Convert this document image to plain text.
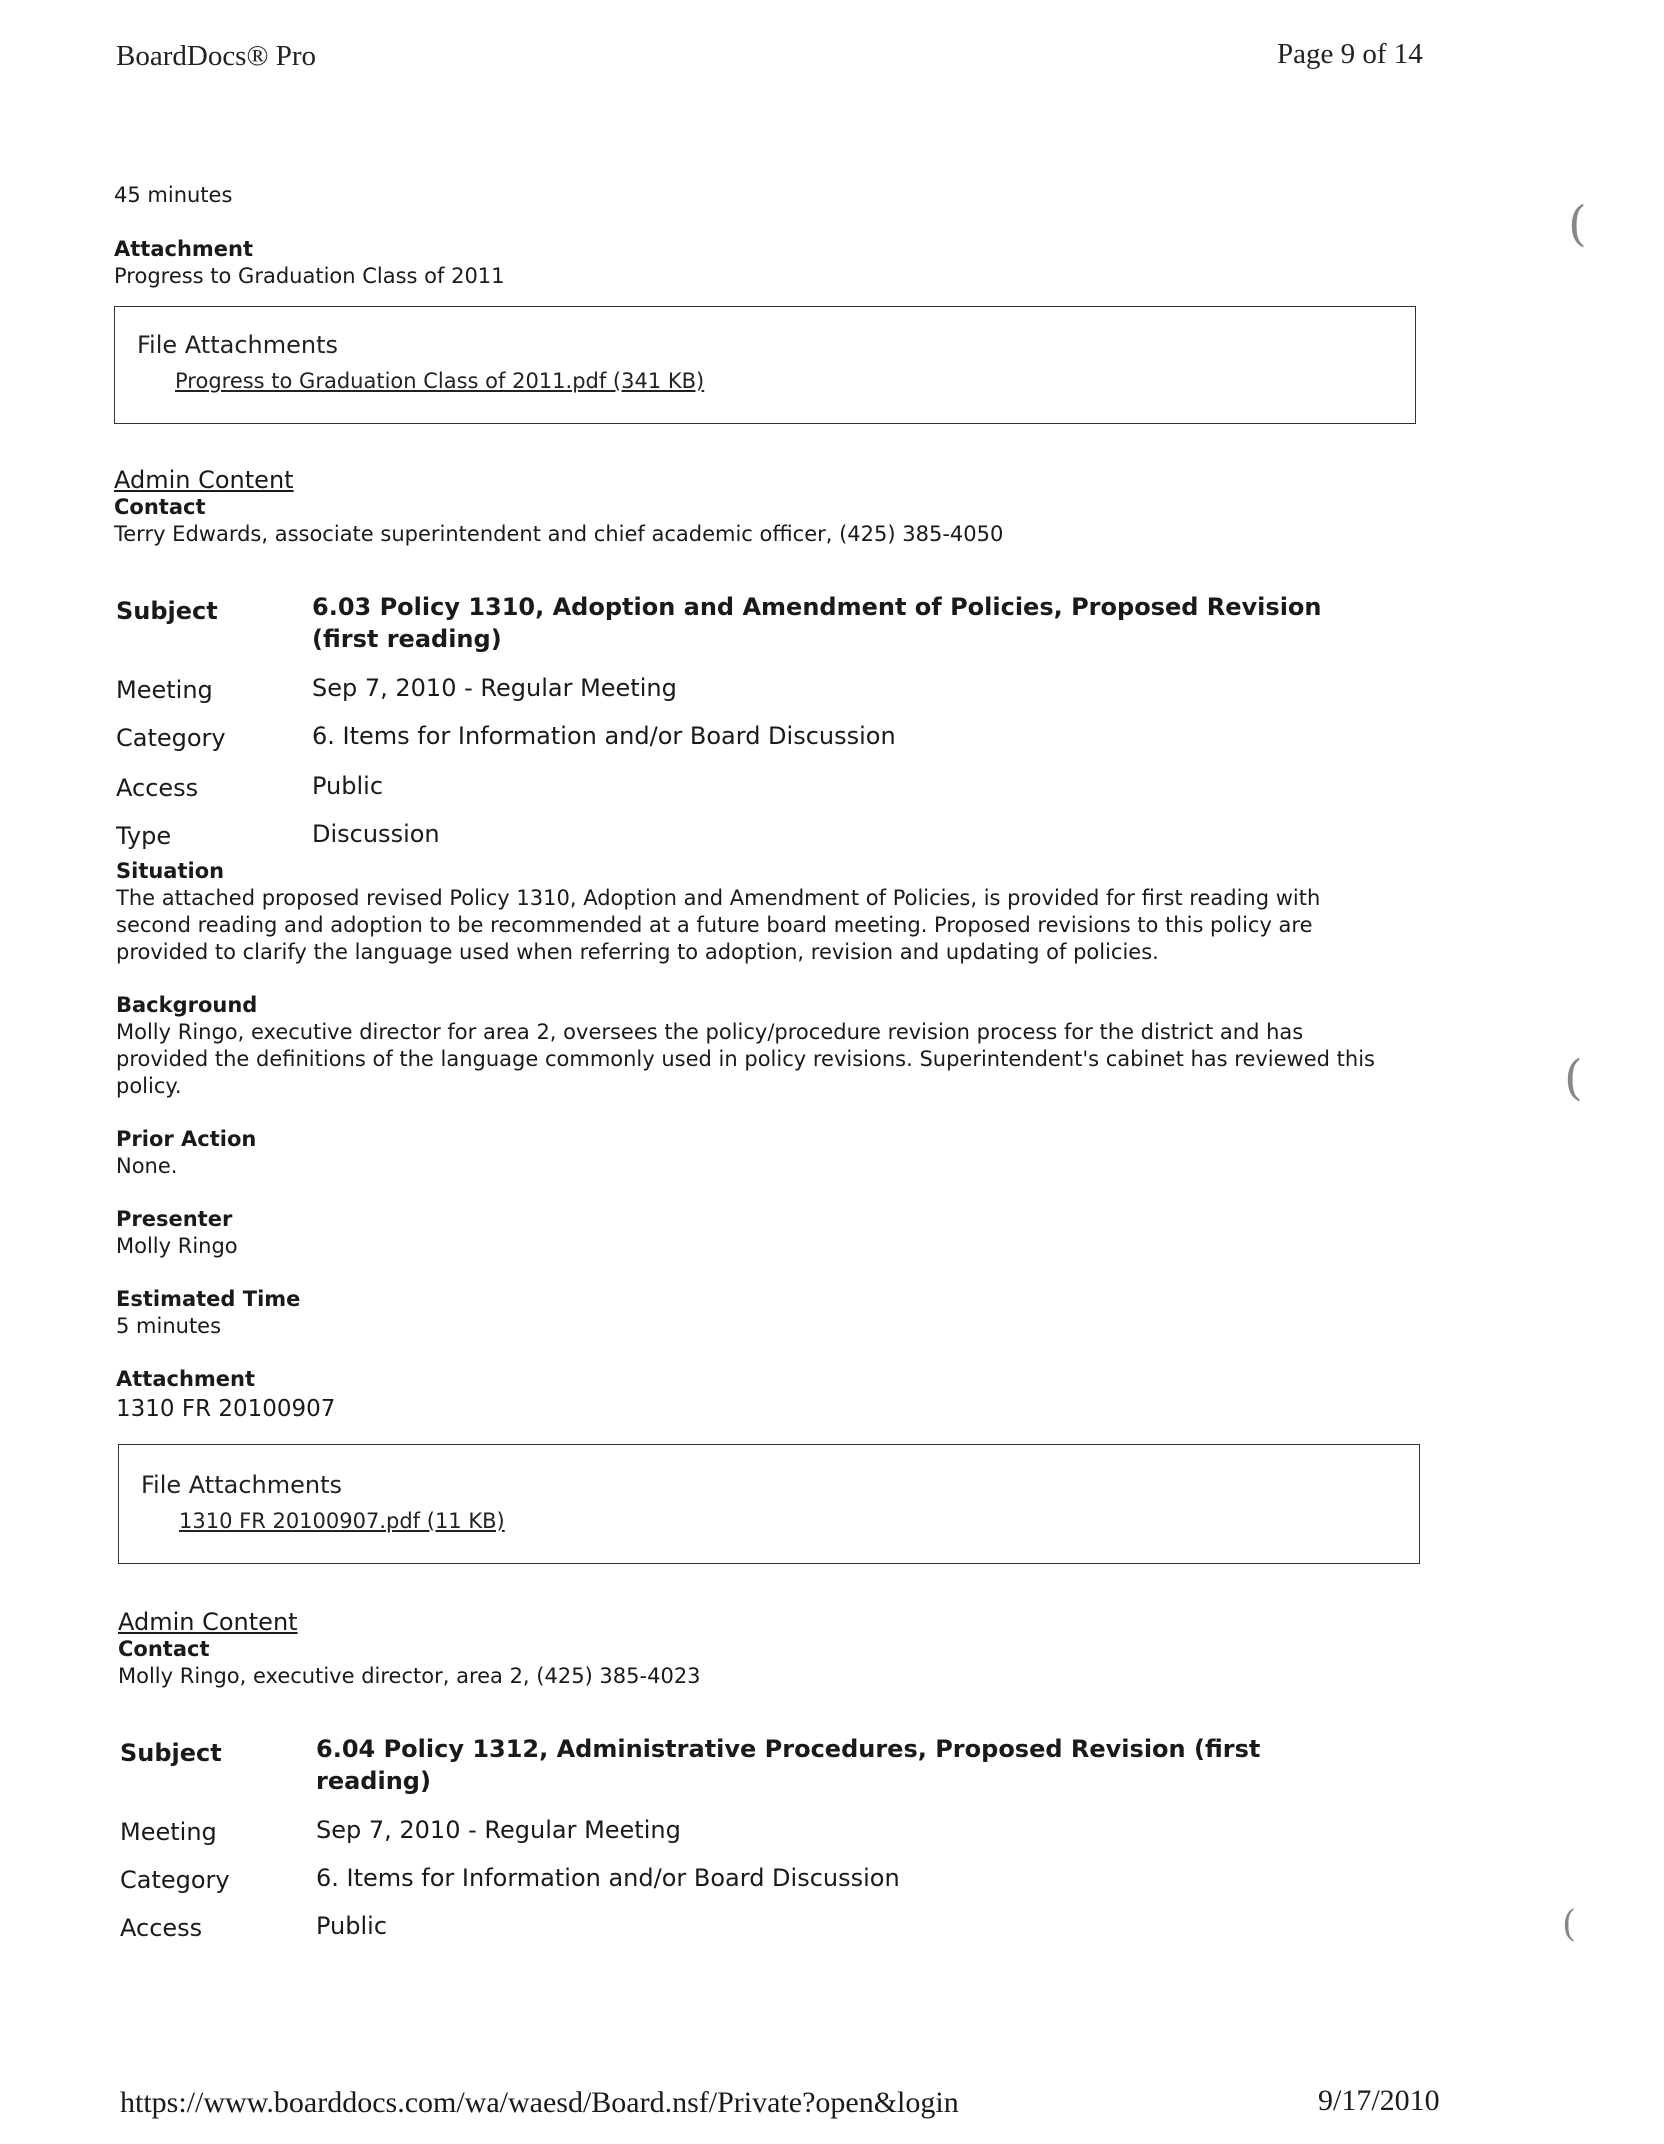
BoardDocs® Pro	Page 9 of 14
45 minutes
Attachment
Progress to Graduation Class of 2011
File Attachments
Progress to Graduation Class of 2011.pdf (341 KB)
Admin Content
Contact
Terry Edwards, associate superintendent and chief academic officer, (425) 385-4050
Subject	6.03 Policy 1310, Adoption and Amendment of Policies, Proposed Revision
(first reading)
Meeting	Sep 7, 2010 - Regular Meeting
Category	6. Items for Information and/or Board Discussion
Access	Public
Type	Discussion
Situation
The attached proposed revised Policy 1310, Adoption and Amendment of Policies, is provided for first reading with
second reading and adoption to be recommended at a future board meeting. Proposed revisions to this policy are
provided to clarify the language used when referring to adoption, revision and updating of policies.
Background
Molly Ringo, executive director for area 2, oversees the policy/procedure revision process for the district and has
provided the definitions of the language commonly used in policy revisions. Superintendent's cabinet has reviewed this
policy.
Prior Action
None.
Presenter
Molly Ringo
Estimated Time
5 minutes
Attachment
1310 FR 20100907
File Attachments
1310 FR 20100907.pdf (11 KB)
Admin Content
Contact
Molly Ringo, executive director, area 2, (425) 385-4023
Subject	6.04 Policy 1312, Administrative Procedures, Proposed Revision (first
reading)
Meeting	Sep 7, 2010 - Regular Meeting
Category	6. Items for Information and/or Board Discussion
Access	Public
(
(
(
https://www.boarddocs.com/wa/waesd/Board.nsf/Private?open&login	9/17/2010
